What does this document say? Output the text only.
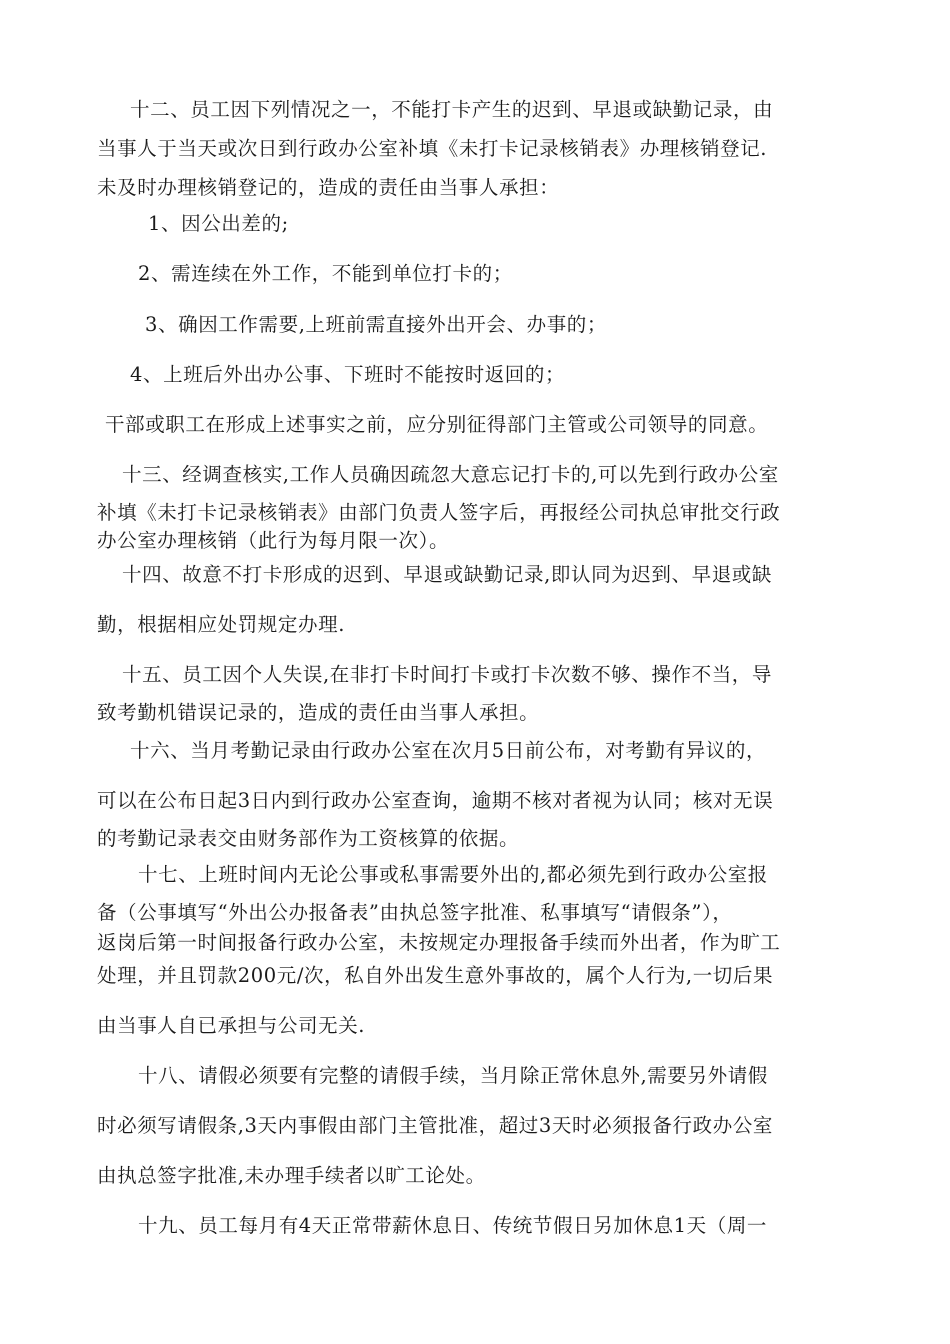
十二、员工因下列情况之一，不能打卡产生的迟到、早退或缺勤记录，由
当事人于当天或次日到行政办公室补填《未打卡记录核销表》办理核销登记.
未及时办理核销登记的，造成的责任由当事人承担：
1、因公出差的;
2、需连续在外工作，不能到单位打卡的；
3、确因工作需要,上班前需直接外出开会、办事的；
4、上班后外出办公事、下班时不能按时返回的；
干部或职工在形成上述事实之前，应分别征得部门主管或公司领导的同意。
十三、经调查核实,工作人员确因疏忽大意忘记打卡的,可以先到行政办公室
补填《未打卡记录核销表》由部门负责人签字后，再报经公司执总审批交行政
办公室办理核销（此行为每月限一次）。
十四、故意不打卡形成的迟到、早退或缺勤记录,即认同为迟到、早退或缺
勤，根据相应处罚规定办理.
十五、员工因个人失误,在非打卡时间打卡或打卡次数不够、操作不当，导
致考勤机错误记录的，造成的责任由当事人承担。
十六、当月考勤记录由行政办公室在次月5日前公布，对考勤有异议的，
可以在公布日起3日内到行政办公室查询，逾期不核对者视为认同；核对无误
的考勤记录表交由财务部作为工资核算的依据。
十七、上班时间内无论公事或私事需要外出的,都必须先到行政办公室报
备（公事填写“外出公办报备表”由执总签字批准、私事填写“请假条”），
返岗后第一时间报备行政办公室，未按规定办理报备手续而外出者，作为旷工
处理，并且罚款200元/次，私自外出发生意外事故的，属个人行为,一切后果
由当事人自已承担与公司无关.
十八、请假必须要有完整的请假手续，当月除正常休息外,需要另外请假
时必须写请假条,3天内事假由部门主管批准，超过3天时必须报备行政办公室
由执总签字批准,未办理手续者以旷工论处。
十九、员工每月有4天正常带薪休息日、传统节假日另加休息1天（周一
